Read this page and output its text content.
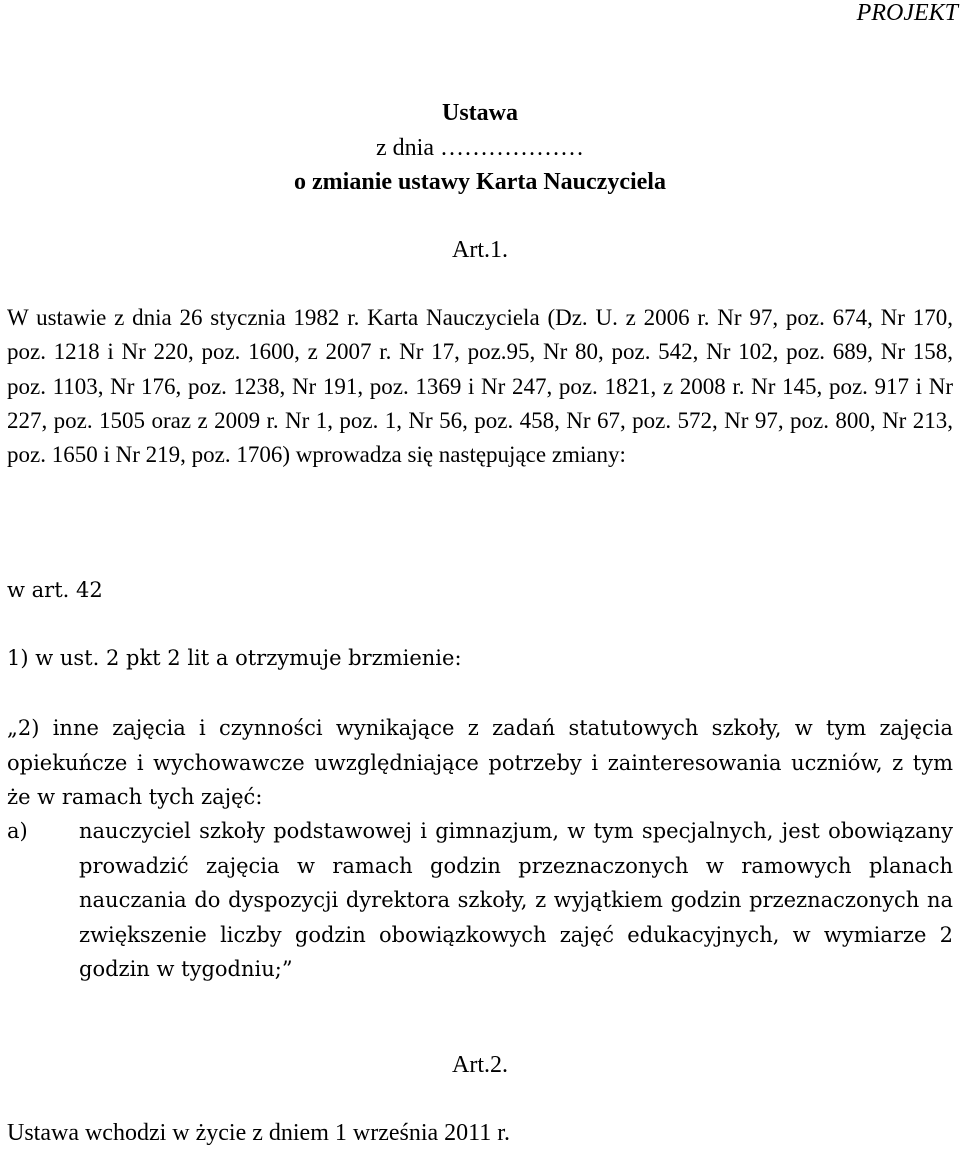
PROJEKT
Ustawa
z dnia ………………
o zmianie ustawy Karta Nauczyciela
Art.1.

W ustawie z dnia 26 stycznia 1982 r. Karta Nauczyciela (Dz. U. z 2006 r. Nr 97, poz. 674, Nr 170, poz. 1218 i Nr 220, poz. 1600, z 2007 r. Nr 17, poz.95, Nr 80, poz. 542, Nr 102, poz. 689, Nr 158, poz. 1103, Nr 176, poz. 1238, Nr 191, poz. 1369 i Nr 247, poz. 1821, z 2008 r. Nr 145, poz. 917 i Nr 227, poz. 1505 oraz z 2009 r. Nr 1, poz. 1, Nr 56, poz. 458, Nr 67, poz. 572, Nr 97, poz. 800, Nr 213, poz. 1650 i Nr 219, poz. 1706) wprowadza się następujące zmiany:

w art. 42
1) w ust. 2 pkt 2 lit a otrzymuje brzmienie:

„2) inne zajęcia i czynności wynikające z zadań statutowych szkoły, w tym zajęcia opiekuńcze i wychowawcze uwzględniające potrzeby i zainteresowania uczniów, z tym że w ramach tych zajęć:

a) nauczyciel szkoły podstawowej i gimnazjum, w tym specjalnych, jest obowiązany prowadzić zajęcia w ramach godzin przeznaczonych w ramowych planach nauczania do dyspozycji dyrektora szkoły, z wyjątkiem godzin przeznaczonych na zwiększenie liczby godzin obowiązkowych zajęć edukacyjnych, w wymiarze 2 godzin w tygodniu;”
Art.2.
Ustawa wchodzi w życie z dniem 1 września 2011 r.
